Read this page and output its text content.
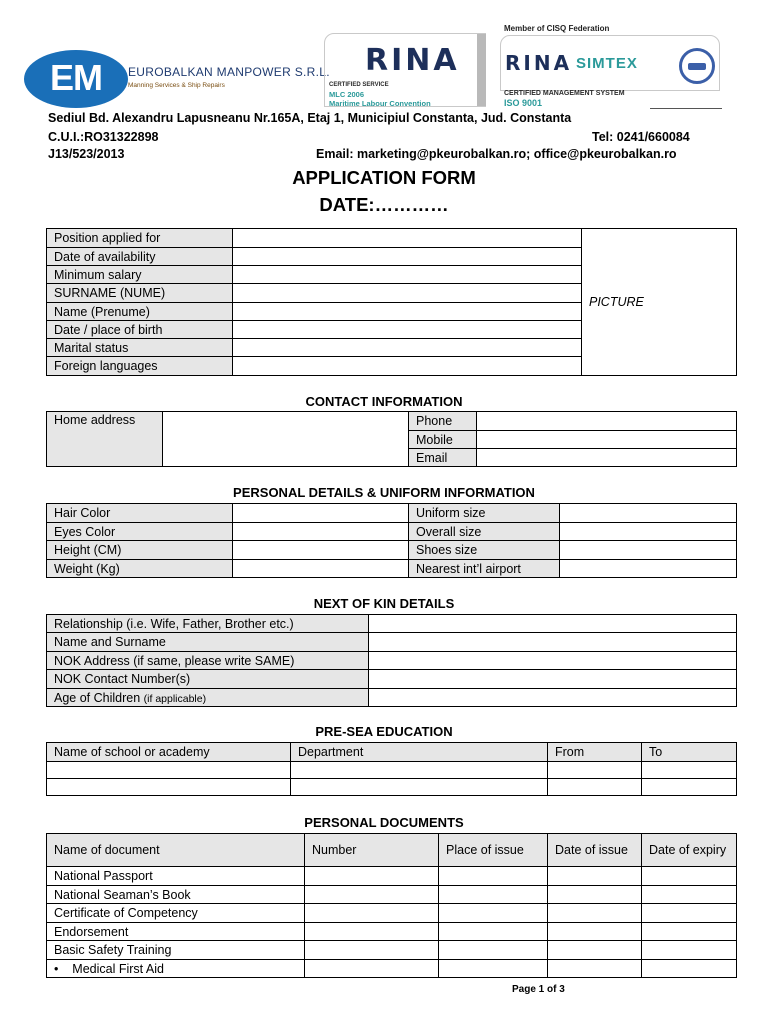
EM	EUROBALKAN MANPOWER S.R.L.
Manning Services & Ship Repairs
RINA
CERTIFIED SERVICE
MLC 2006
Maritime Labour Convention
Member of CISQ Federation
RINA SIMTEX
CERTIFIED MANAGEMENT SYSTEM
ISO 9001
Sediul Bd. Alexandru Lapusneanu Nr.165A, Etaj 1, Municipiul Constanta, Jud. Constanta
C.U.I.:RO31322898	Tel: 0241/660084
J13/523/2013	Email: marketing@pkeurobalkan.ro; office@pkeurobalkan.ro
APPLICATION FORM
DATE:…………
Position applied for		PICTURE
Date of availability		
Minimum salary		
SURNAME (NUME)		
Name (Prenume)		
Date / place of birth		
Marital status		
Foreign languages		
CONTACT INFORMATION
Home address		Phone	
		Mobile	
		Email	
PERSONAL DETAILS & UNIFORM INFORMATION
Hair Color		Uniform size	
Eyes Color		Overall size	
Height (CM)		Shoes size	
Weight (Kg)		Nearest int’l airport	
NEXT OF KIN DETAILS
Relationship (i.e. Wife, Father, Brother etc.)	
Name and Surname	
NOK Address (if same, please write SAME)	
NOK Contact Number(s)	
Age of Children (if applicable)	
PRE-SEA EDUCATION
Name of school or academy	Department	From	To

PERSONAL DOCUMENTS
Name of document	Number	Place of issue	Date of issue	Date of expiry
National Passport				
National Seaman’s Book				
Certificate of Competency				
Endorsement				
Basic Safety Training				
• Medical First Aid				
Page 1 of 3
